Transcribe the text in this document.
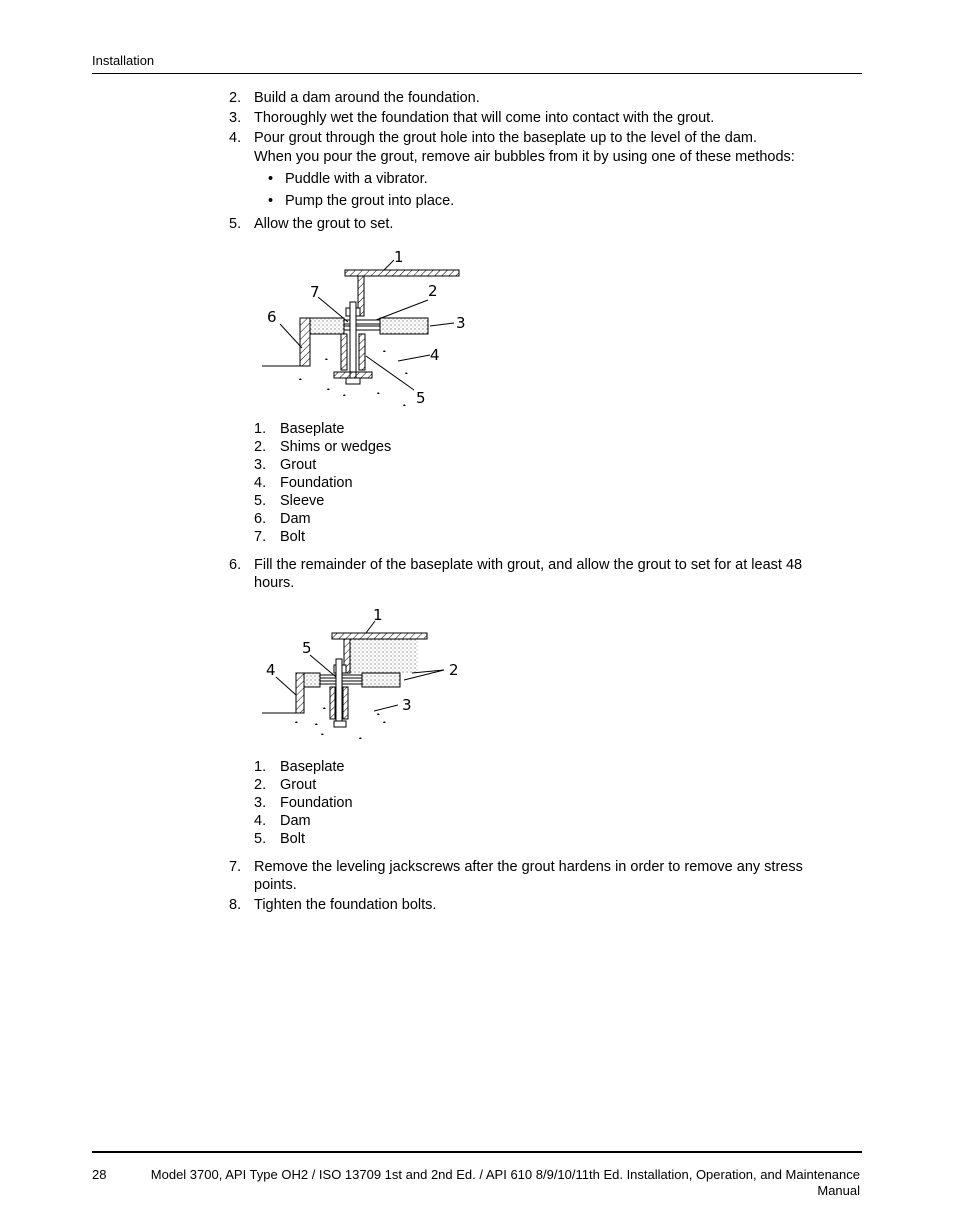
Installation
2. Build a dam around the foundation.
3. Thoroughly wet the foundation that will come into contact with the grout.
4. Pour grout through the grout hole into the baseplate up to the level of the dam.
When you pour the grout, remove air bubbles from it by using one of these methods:
• Puddle with a vibrator.
• Pump the grout into place.
5. Allow the grout to set.
1
2
3
4
5
6
7
1. Baseplate
2. Shims or wedges
3. Grout
4. Foundation
5. Sleeve
6. Dam
7. Bolt
6. Fill the remainder of the baseplate with grout, and allow the grout to set for at least 48 hours.
1
2
3
4
5
1. Baseplate
2. Grout
3. Foundation
4. Dam
5. Bolt
7. Remove the leveling jackscrews after the grout hardens in order to remove any stress points.
8. Tighten the foundation bolts.
28	Model 3700, API Type OH2 / ISO 13709 1st and 2nd Ed. / API 610 8/9/10/11th Ed. Installation, Operation, and Maintenance Manual
